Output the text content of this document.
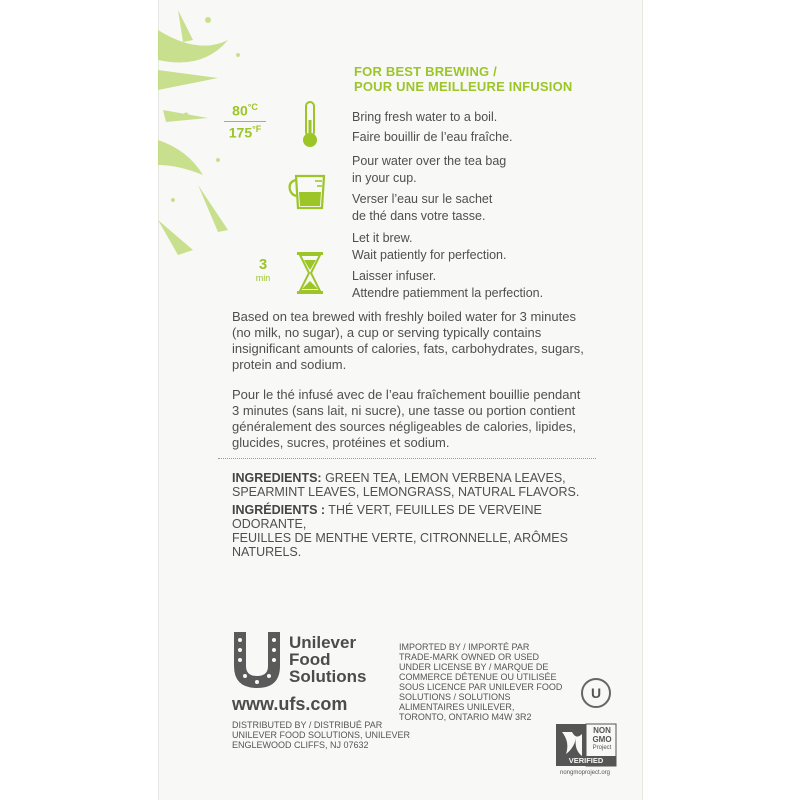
FOR BEST BREWING /
POUR UNE MEILLEURE INFUSION
$80^{^\circ C}$
$175^{^\circ F}$
3
min
Bring fresh water to a boil.
Faire bouillir de l’eau fraîche.
Pour water over the tea bag
in your cup.
Verser l’eau sur le sachet
de thé dans votre tasse.
Let it brew.
Wait patiently for perfection.
Laisser infuser.
Attendre patiemment la perfection.
Based on tea brewed with freshly boiled water for 3 minutes
(no milk, no sugar), a cup or serving typically contains
insignificant amounts of calories, fats, carbohydrates, sugars,
protein and sodium.
Pour le thé infusé avec de l’eau fraîchement bouillie pendant
3 minutes (sans lait, ni sucre), une tasse ou portion contient
généralement des sources négligeables de calories, lipides,
glucides, sucres, protéines et sodium.
INGREDIENTS: GREEN TEA, LEMON VERBENA LEAVES,
SPEARMINT LEAVES, LEMONGRASS, NATURAL FLAVORS.
INGRÉDIENTS : THÉ VERT, FEUILLES DE VERVEINE ODORANTE,
FEUILLES DE MENTHE VERTE, CITRONNELLE, ARÔMES
NATURELS.
Unilever
Food
Solutions
www.ufs.com
DISTRIBUTED BY / DISTRIBUÉ PAR
UNILEVER FOOD SOLUTIONS, UNILEVER
ENGLEWOOD CLIFFS, NJ 07632
IMPORTED BY / IMPORTÉ PAR
TRADE-MARK OWNED OR USED
UNDER LICENSE BY / MARQUE DE
COMMERCE DÉTENUE OU UTILISÉE
SOUS LICENCE PAR UNILEVER FOOD
SOLUTIONS / SOLUTIONS
ALIMENTAIRES UNILEVER,
TORONTO, ONTARIO M4W 3R2
U
NON
GMO
Project
VERIFIED
nongmoproject.org
